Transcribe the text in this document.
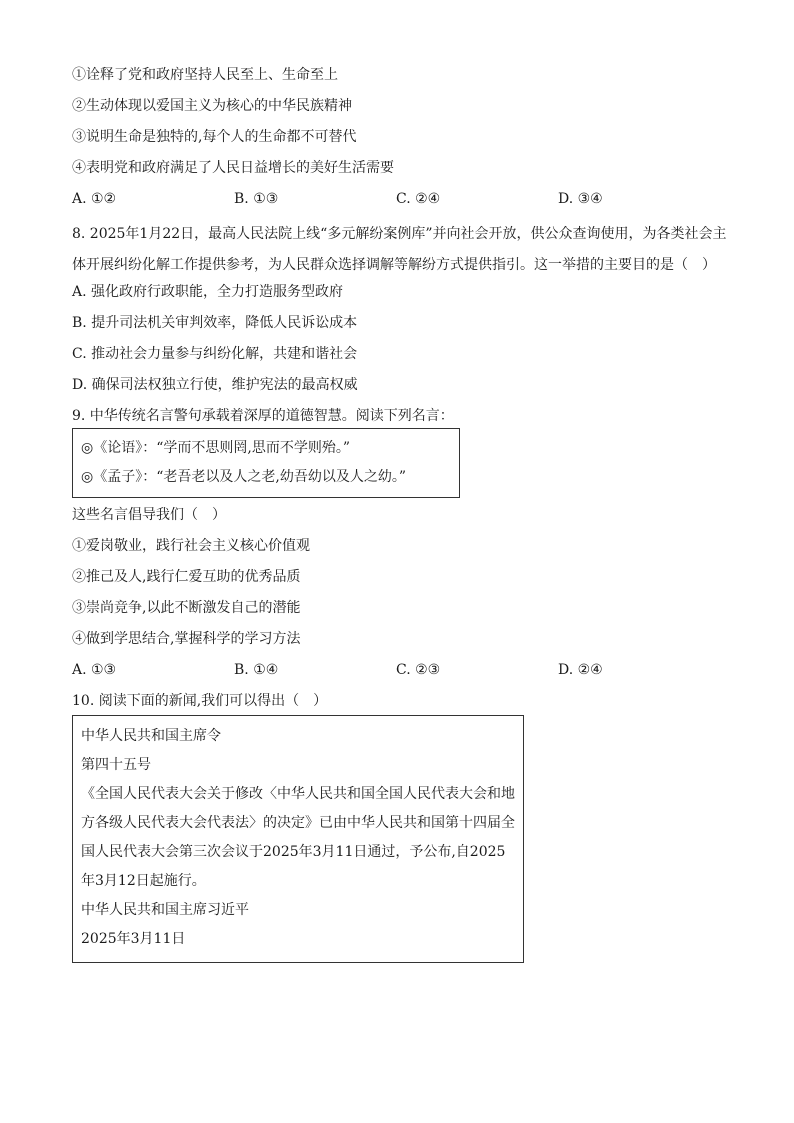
①诠释了党和政府坚持人民至上、生命至上
②生动体现以爱国主义为核心的中华民族精神
③说明生命是独特的,每个人的生命都不可替代
④表明党和政府满足了人民日益增长的美好生活需要
A. ①②	B. ①③	C. ②④	D. ③④
8. 2025年1月22日，最高人民法院上线“多元解纷案例库”并向社会开放，供公众查询使用，为各类社会主体开展纠纷化解工作提供参考，为人民群众选择调解等解纷方式提供指引。这一举措的主要目的是（　）
A. 强化政府行政职能，全力打造服务型政府
B. 提升司法机关审判效率，降低人民诉讼成本
C. 推动社会力量参与纠纷化解，共建和谐社会
D. 确保司法权独立行使，维护宪法的最高权威
9. 中华传统名言警句承载着深厚的道德智慧。阅读下列名言：
◎《论语》：“学而不思则罔,思而不学则殆。”
◎《孟子》：“老吾老以及人之老,幼吾幼以及人之幼。”
这些名言倡导我们（　）
①爱岗敬业，践行社会主义核心价值观
②推己及人,践行仁爱互助的优秀品质
③崇尚竞争,以此不断激发自己的潜能
④做到学思结合,掌握科学的学习方法
A. ①③	B. ①④	C. ②③	D. ②④
10. 阅读下面的新闻,我们可以得出（　）
中华人民共和国主席令
第四十五号
《全国人民代表大会关于修改〈中华人民共和国全国人民代表大会和地方各级人民代表大会代表法〉的决定》已由中华人民共和国第十四届全国人民代表大会第三次会议于2025年3月11日通过，予公布,自2025年3月12日起施行。
中华人民共和国主席习近平
2025年3月11日
